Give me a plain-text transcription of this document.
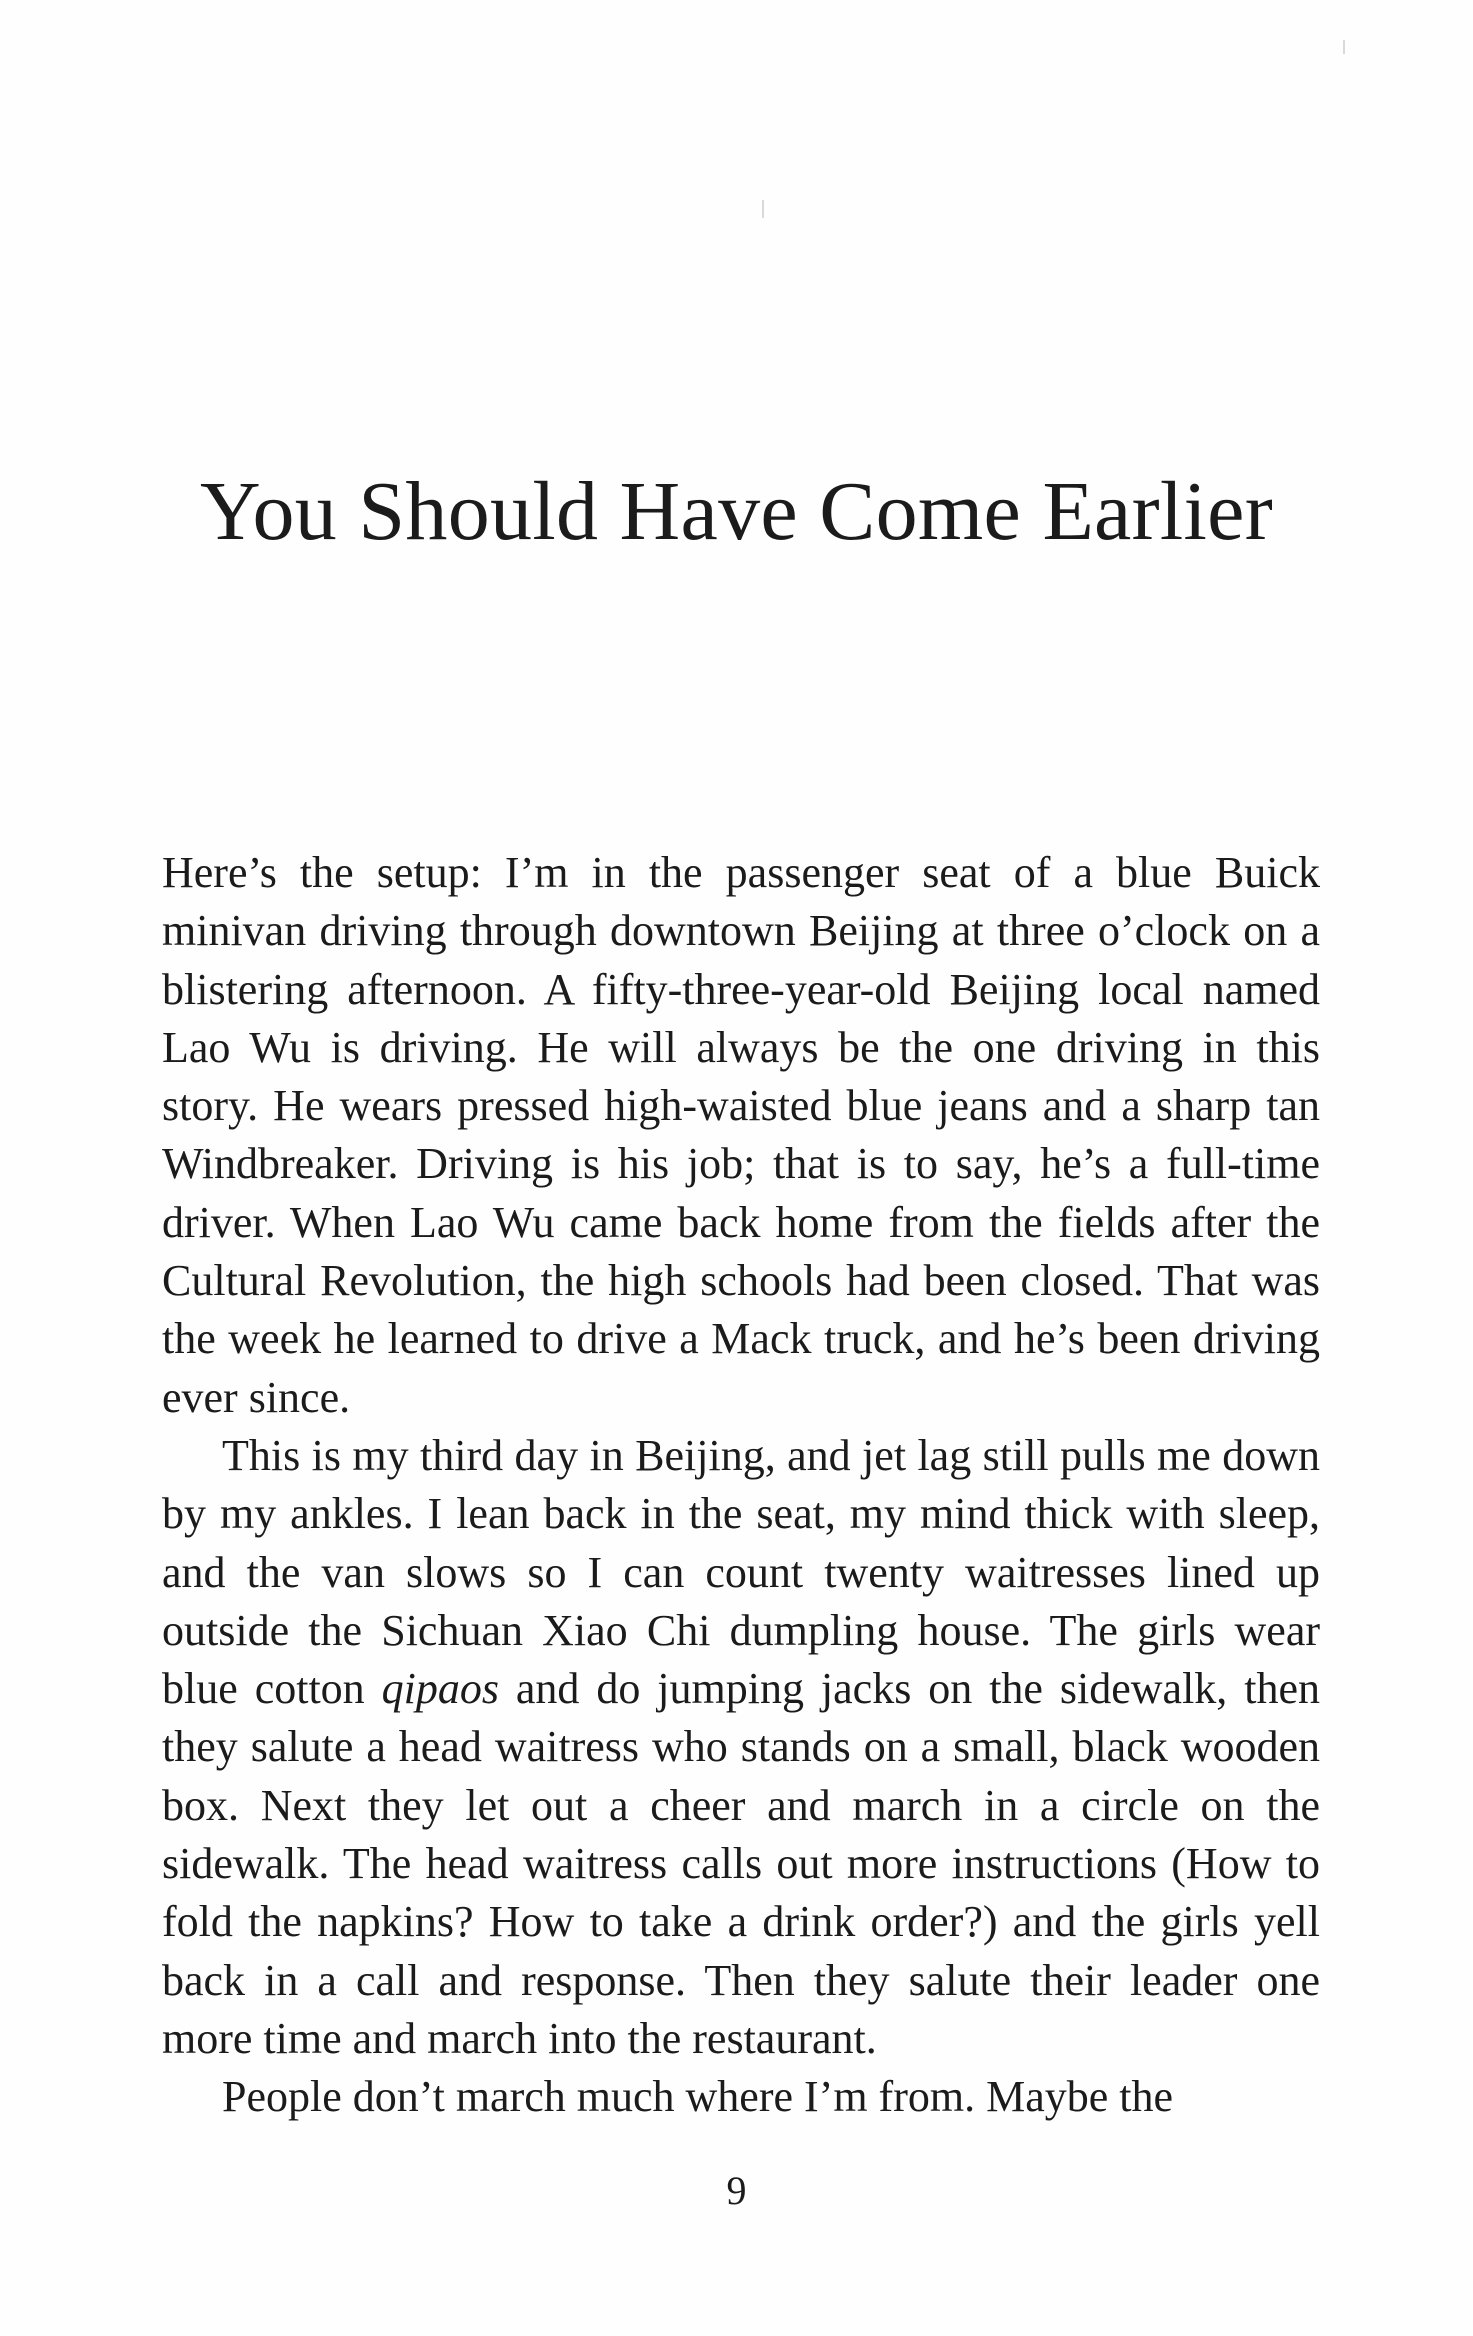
You Should Have Come Earlier

Here’s the setup: I’m in the passenger seat of a blue Buick minivan driving through downtown Beijing at three o’clock on a blistering afternoon. A fifty-three-year-old Beijing local named Lao Wu is driving. He will always be the one driving in this story. He wears pressed high-waisted blue jeans and a sharp tan Windbreaker. Driving is his job; that is to say, he’s a full-time driver. When Lao Wu came back home from the fields after the Cultural Revolution, the high schools had been closed. That was the week he learned to drive a Mack truck, and he’s been driving ever since.

This is my third day in Beijing, and jet lag still pulls me down by my ankles. I lean back in the seat, my mind thick with sleep, and the van slows so I can count twenty waitresses lined up outside the Sichuan Xiao Chi dumpling house. The girls wear blue cotton qipaos and do jumping jacks on the sidewalk, then they salute a head waitress who stands on a small, black wooden box. Next they let out a cheer and march in a circle on the sidewalk. The head waitress calls out more instructions (How to fold the napkins? How to take a drink order?) and the girls yell back in a call and response. Then they salute their leader one more time and march into the restaurant.

People don’t march much where I’m from. Maybe the

9
